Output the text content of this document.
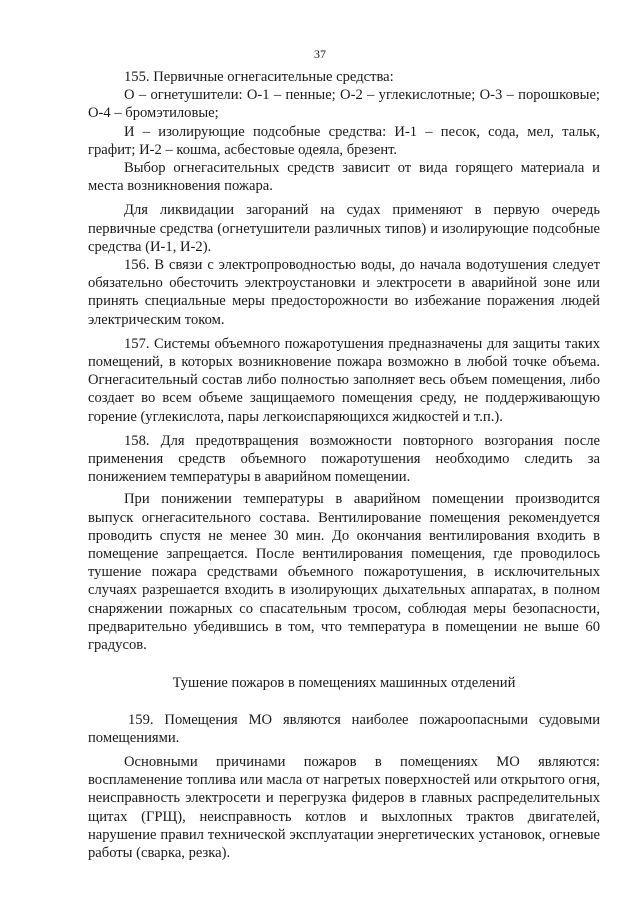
37

155. Первичные огнегасительные средства:

О – огнетушители: О-1 – пенные; О-2 – углекислотные; О-3 – порошковые; О-4 – бромэтиловые;

И – изолирующие подсобные средства: И-1 – песок, сода, мел, тальк, графит; И-2 – кошма, асбестовые одеяла, брезент.

Выбор огнегасительных средств зависит от вида горящего материала и места возникновения пожара.

Для ликвидации загораний на судах применяют в первую очередь первичные средства (огнетушители различных типов) и изолирующие подсобные средства (И-1, И-2).

156. В связи с электропроводностью воды, до начала водотушения следует обязательно обесточить электроустановки и электросети в аварийной зоне или принять специальные меры предосторожности во избежание поражения людей электрическим током.

157. Системы объемного пожаротушения предназначены для защиты таких помещений, в которых возникновение пожара возможно в любой точке объема. Огнегасительный состав либо полностью заполняет весь объем помещения, либо создает во всем объеме защищаемого помещения среду, не поддерживающую горение (углекислота, пары легкоиспаряющихся жидкостей и т.п.).

158. Для предотвращения возможности повторного возгорания после применения средств объемного пожаротушения необходимо следить за понижением температуры в аварийном помещении.

При понижении температуры в аварийном помещении производится выпуск огнегасительного состава. Вентилирование помещения рекомендуется проводить спустя не менее 30 мин. До окончания вентилирования входить в помещение запрещается. После вентилирования помещения, где проводилось тушение пожара средствами объемного пожаротушения, в исключительных случаях разрешается входить в изолирующих дыхательных аппаратах, в полном снаряжении пожарных со спасательным тросом, соблюдая меры безопасности, предварительно убедившись в том, что температура в помещении не выше 60 градусов.

Тушение пожаров в помещениях машинных отделений

159. Помещения МО являются наиболее пожароопасными судовыми помещениями.

Основными причинами пожаров в помещениях МО являются: воспламенение топлива или масла от нагретых поверхностей или открытого огня, неисправность электросети и перегрузка фидеров в главных распределительных щитах (ГРЩ), неисправность котлов и выхлопных трактов двигателей, нарушение правил технической эксплуатации энергетических установок, огневые работы (сварка, резка).
